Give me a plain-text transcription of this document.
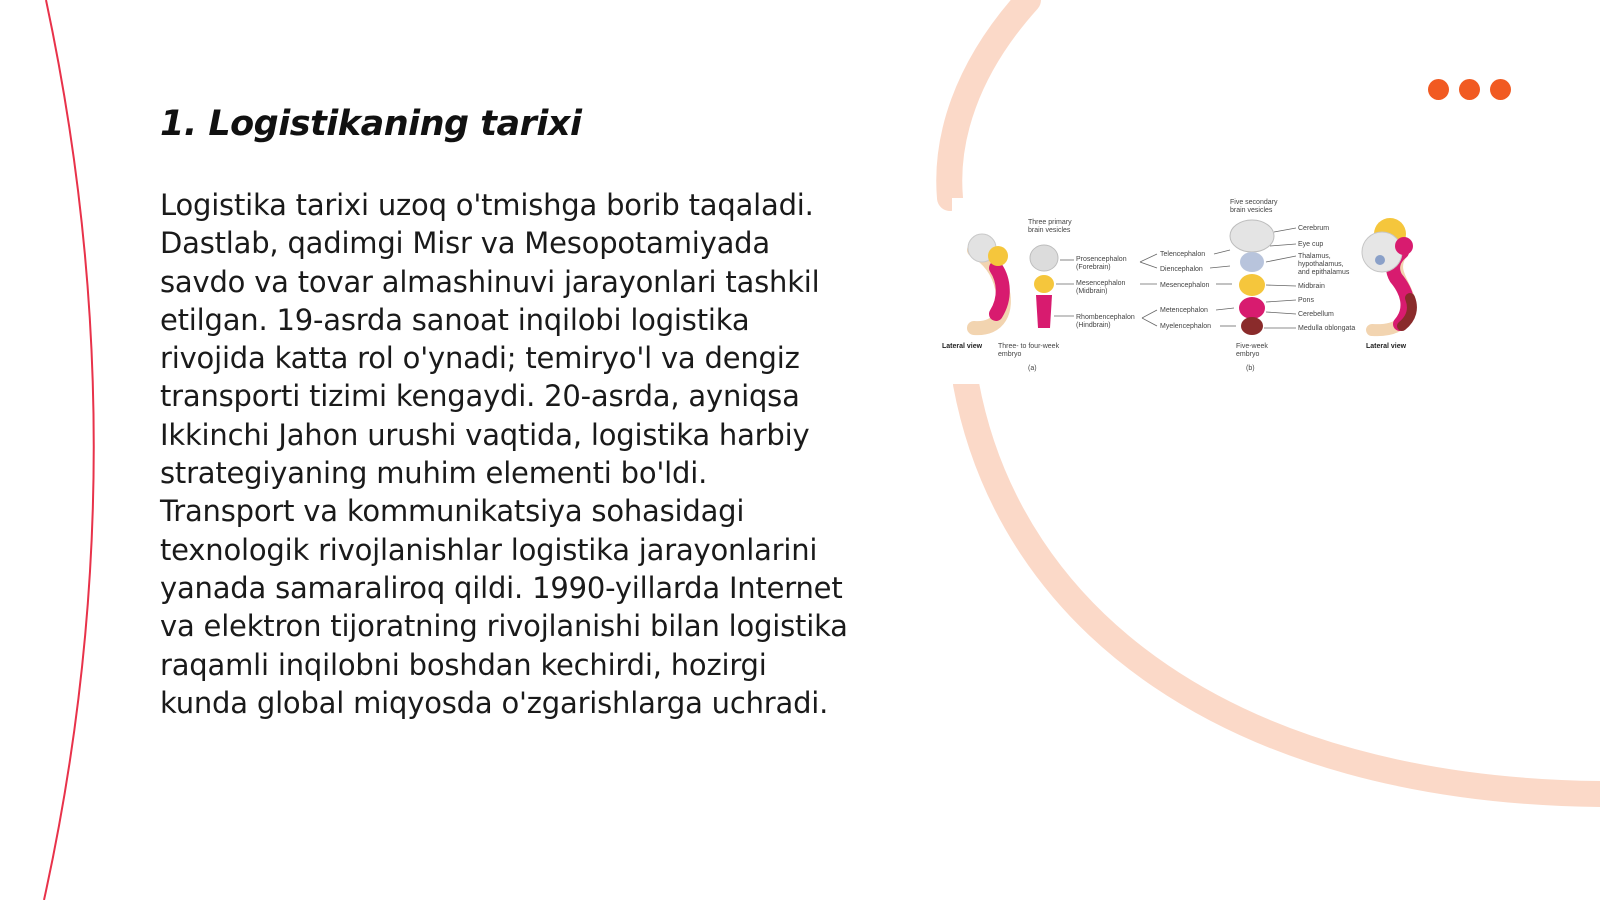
1. Logistikaning tarixi

Logistika tarixi uzoq o'tmishga borib taqaladi. Dastlab, qadimgi Misr va Mesopotamiyada savdo va tovar almashinuvi jarayonlari tashkil etilgan. 19-asrda sanoat inqilobi logistika rivojida katta rol o'ynadi; temiryo'l va dengiz transporti tizimi kengaydi. 20-asrda, ayniqsa Ikkinchi Jahon urushi vaqtida, logistika harbiy strategiyaning muhim elementi bo'ldi. Transport va kommunikatsiya sohasidagi texnologik rivojlanishlar logistika jarayonlarini yanada samaraliroq qildi. 1990-yillarda Internet va elektron tijoratning rivojlanishi bilan logistika raqamli inqilobni boshdan kechirdi, hozirgi kunda global miqyosda o'zgarishlarga uchradi.

Three primary
brain vesicles
Prosencephalon
(Forebrain)
Mesencephalon
(Midbrain)
Rhombencephalon
(Hindbrain)
Telencephalon
Diencephalon
Mesencephalon
Metencephalon
Myelencephalon
Five secondary
brain vesicles
Cerebrum
Eye cup
Thalamus,
hypothalamus,
and epithalamus
Midbrain
Pons
Cerebellum
Medulla oblongata
Lateral view Three- to four-week
embryo
(a)
Five-week
embryo
(b)
Lateral view
